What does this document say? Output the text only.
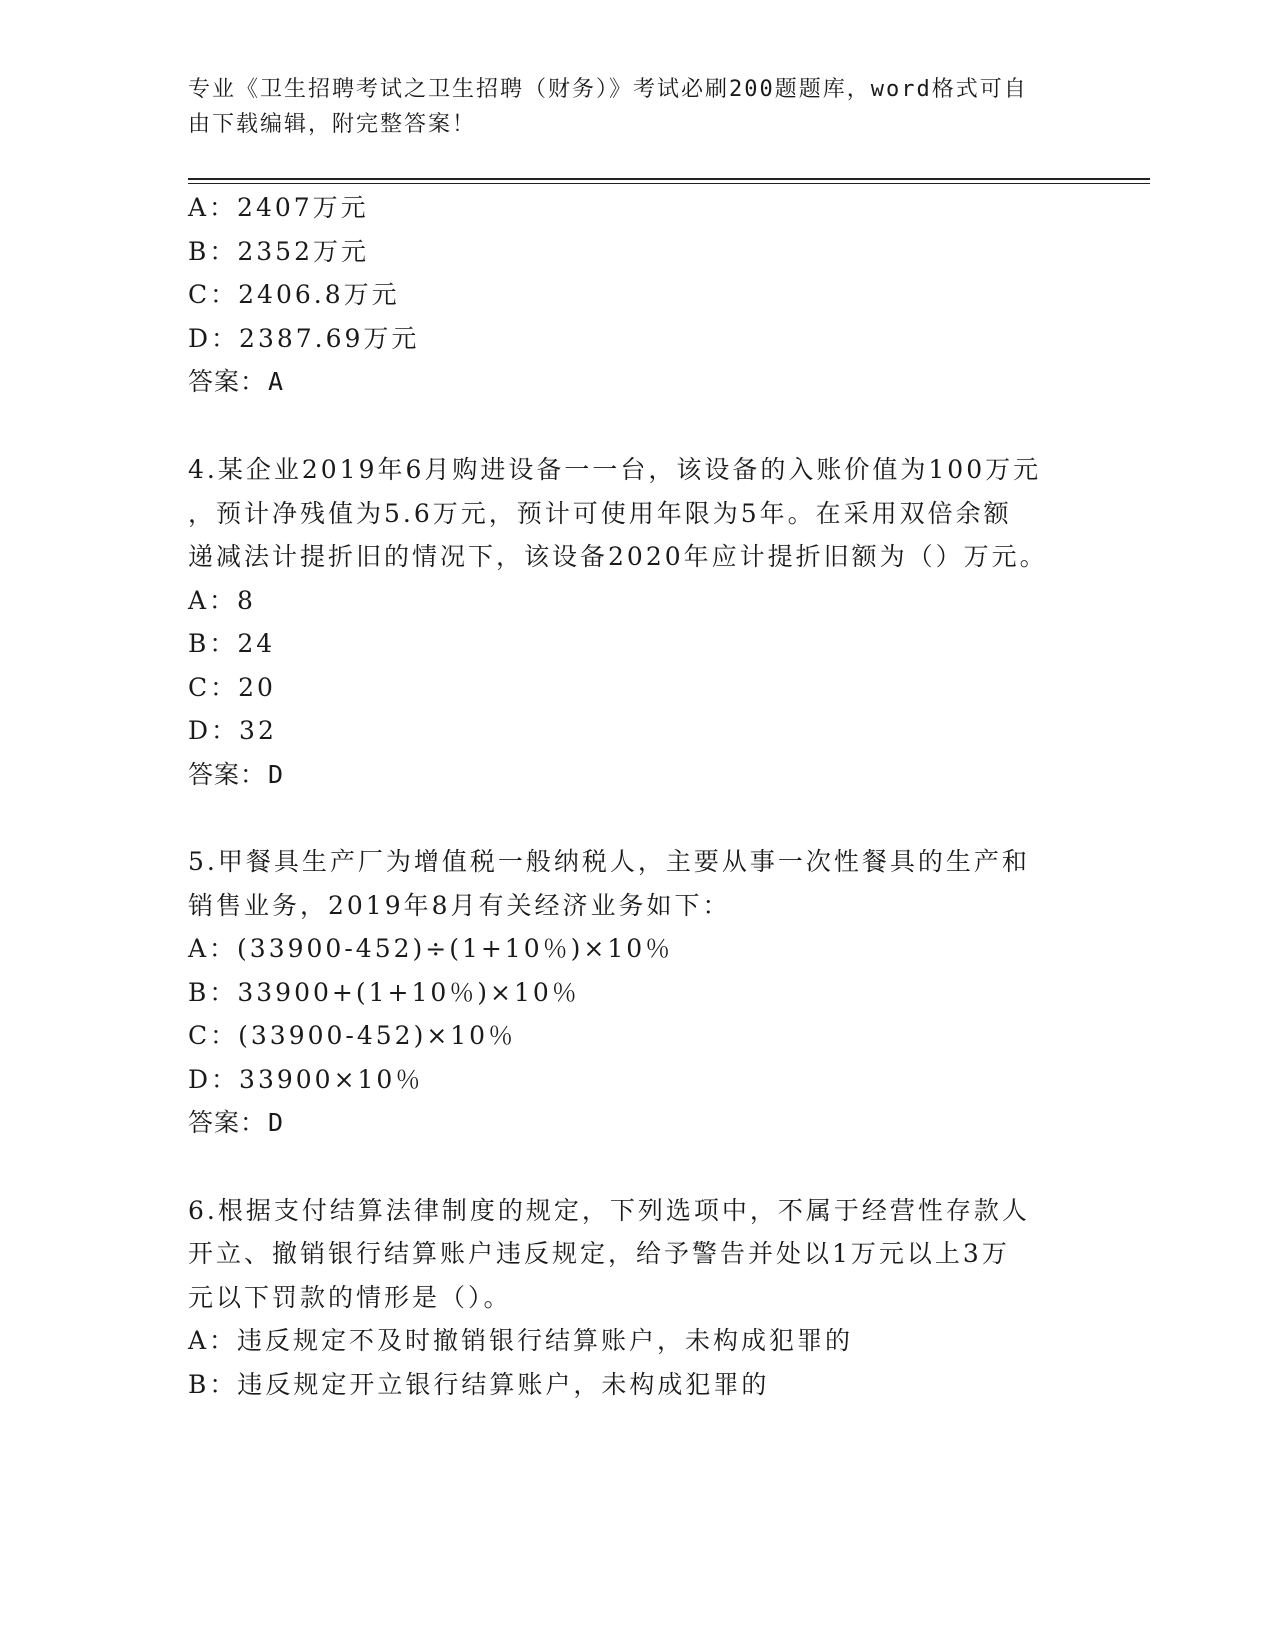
专业《卫生招聘考试之卫生招聘（财务）》考试必刷200题题库，word格式可自
由下载编辑，附完整答案！
A：2407万元
B：2352万元
C：2406.8万元
D：2387.69万元
答案：A
4.某企业2019年6月购进设备一一台，该设备的入账价值为100万元
，预计净残值为5.6万元，预计可使用年限为5年。在采用双倍余额
递减法计提折旧的情况下，该设备2020年应计提折旧额为（）万元。
A：8
B：24
C：20
D：32
答案：D
5.甲餐具生产厂为增值税一般纳税人，主要从事一次性餐具的生产和
销售业务，2019年8月有关经济业务如下：
A：(33900-452)÷(1+10％)×10％
B：33900+(1+10％)×10％
C：(33900-452)×10％
D：33900×10％
答案：D
6.根据支付结算法律制度的规定，下列选项中，不属于经营性存款人
开立、撤销银行结算账户违反规定，给予警告并处以1万元以上3万
元以下罚款的情形是（）。
A：违反规定不及时撤销银行结算账户，未构成犯罪的
B：违反规定开立银行结算账户，未构成犯罪的
